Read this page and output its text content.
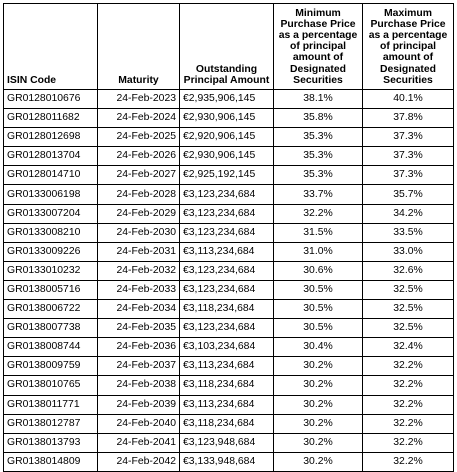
ISIN Code	Maturity	Outstanding Principal Amount	Minimum Purchase Price as a percentage of principal amount of Designated Securities	Maximum Purchase Price as a percentage of principal amount of Designated Securities
GR0128010676	24-Feb-2023	€2,935,906,145	38.1%	40.1%
GR0128011682	24-Feb-2024	€2,930,906,145	35.8%	37.8%
GR0128012698	24-Feb-2025	€2,920,906,145	35.3%	37.3%
GR0128013704	24-Feb-2026	€2,930,906,145	35.3%	37.3%
GR0128014710	24-Feb-2027	€2,925,192,145	35.3%	37.3%
GR0133006198	24-Feb-2028	€3,123,234,684	33.7%	35.7%
GR0133007204	24-Feb-2029	€3,123,234,684	32.2%	34.2%
GR0133008210	24-Feb-2030	€3,123,234,684	31.5%	33.5%
GR0133009226	24-Feb-2031	€3,113,234,684	31.0%	33.0%
GR0133010232	24-Feb-2032	€3,123,234,684	30.6%	32.6%
GR0138005716	24-Feb-2033	€3,123,234,684	30.5%	32.5%
GR0138006722	24-Feb-2034	€3,118,234,684	30.5%	32.5%
GR0138007738	24-Feb-2035	€3,123,234,684	30.5%	32.5%
GR0138008744	24-Feb-2036	€3,103,234,684	30.4%	32.4%
GR0138009759	24-Feb-2037	€3,113,234,684	30.2%	32.2%
GR0138010765	24-Feb-2038	€3,118,234,684	30.2%	32.2%
GR0138011771	24-Feb-2039	€3,113,234,684	30.2%	32.2%
GR0138012787	24-Feb-2040	€3,118,234,684	30.2%	32.2%
GR0138013793	24-Feb-2041	€3,123,948,684	30.2%	32.2%
GR0138014809	24-Feb-2042	€3,133,948,684	30.2%	32.2%
